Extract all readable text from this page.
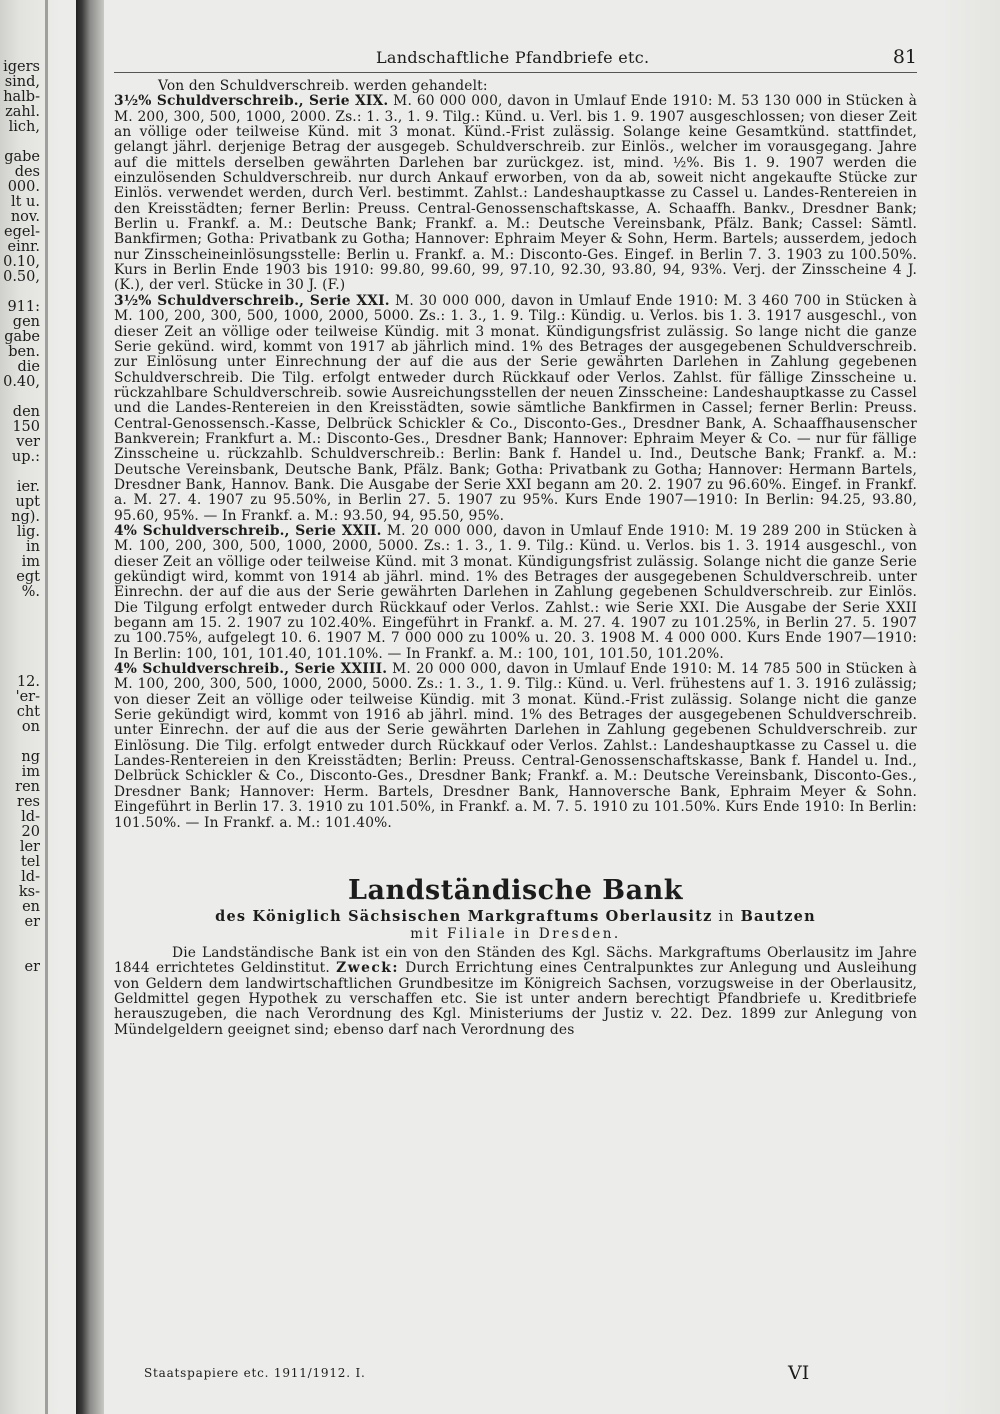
igers
sind,
halb-
zahl.
lich,

gabe
des
000.
lt u.
nov.
egel-
einr.
0.10,
0.50,

911:
gen
gabe
ben.
die
0.40,

den
150
ver
up.:

ier.
upt
ng).
lig.
in
im
egt
%.

12.
'er-
cht
on

ng
im
ren
res
ld-
20
ler
tel
ld-
ks-
en
er

er
Landschaftliche Pfandbriefe etc.	81

Von den Schuldverschreib. werden gehandelt:

3½% Schuldverschreib., Serie XIX. M. 60 000 000, davon in Umlauf Ende 1910: M. 53 130 000 in Stücken à M. 200, 300, 500, 1000, 2000. Zs.: 1. 3., 1. 9. Tilg.: Künd. u. Verl. bis 1. 9. 1907 ausgeschlossen; von dieser Zeit an völlige oder teilweise Künd. mit 3 monat. Künd.-Frist zulässig. Solange keine Gesamtkünd. stattfindet, gelangt jährl. derjenige Betrag der ausgegeb. Schuldverschreib. zur Einlös., welcher im vorausgegang. Jahre auf die mittels derselben gewährten Darlehen bar zurückgez. ist, mind. ½%. Bis 1. 9. 1907 werden die einzulösenden Schuldverschreib. nur durch Ankauf erworben, von da ab, soweit nicht angekaufte Stücke zur Einlös. verwendet werden, durch Verl. bestimmt. Zahlst.: Landeshauptkasse zu Cassel u. Landes-Rentereien in den Kreisstädten; ferner Berlin: Preuss. Central-Genossenschaftskasse, A. Schaaffh. Bankv., Dresdner Bank; Berlin u. Frankf. a. M.: Deutsche Bank; Frankf. a. M.: Deutsche Vereinsbank, Pfälz. Bank; Cassel: Sämtl. Bankfirmen; Gotha: Privatbank zu Gotha; Hannover: Ephraim Meyer & Sohn, Herm. Bartels; ausserdem, jedoch nur Zinsscheineinlösungsstelle: Berlin u. Frankf. a. M.: Disconto-Ges. Eingef. in Berlin 7. 3. 1903 zu 100.50%. Kurs in Berlin Ende 1903 bis 1910: 99.80, 99.60, 99, 97.10, 92.30, 93.80, 94, 93%. Verj. der Zinsscheine 4 J. (K.), der verl. Stücke in 30 J. (F.)

3½% Schuldverschreib., Serie XXI. M. 30 000 000, davon in Umlauf Ende 1910: M. 3 460 700 in Stücken à M. 100, 200, 300, 500, 1000, 2000, 5000. Zs.: 1. 3., 1. 9. Tilg.: Kündig. u. Verlos. bis 1. 3. 1917 ausgeschl., von dieser Zeit an völlige oder teilweise Kündig. mit 3 monat. Kündigungsfrist zulässig. So lange nicht die ganze Serie gekünd. wird, kommt von 1917 ab jährlich mind. 1% des Betrages der ausgegebenen Schuldverschreib. zur Einlösung unter Einrechnung der auf die aus der Serie gewährten Darlehen in Zahlung gegebenen Schuldverschreib. Die Tilg. erfolgt entweder durch Rückkauf oder Verlos. Zahlst. für fällige Zinsscheine u. rückzahlbare Schuldverschreib. sowie Ausreichungsstellen der neuen Zinsscheine: Landeshauptkasse zu Cassel und die Landes-Rentereien in den Kreisstädten, sowie sämtliche Bankfirmen in Cassel; ferner Berlin: Preuss. Central-Genossensch.-Kasse, Delbrück Schickler & Co., Disconto-Ges., Dresdner Bank, A. Schaaffhausenscher Bankverein; Frankfurt a. M.: Disconto-Ges., Dresdner Bank; Hannover: Ephraim Meyer & Co. — nur für fällige Zinsscheine u. rückzahlb. Schuldverschreib.: Berlin: Bank f. Handel u. Ind., Deutsche Bank; Frankf. a. M.: Deutsche Vereinsbank, Deutsche Bank, Pfälz. Bank; Gotha: Privatbank zu Gotha; Hannover: Hermann Bartels, Dresdner Bank, Hannov. Bank. Die Ausgabe der Serie XXI begann am 20. 2. 1907 zu 96.60%. Eingef. in Frankf. a. M. 27. 4. 1907 zu 95.50%, in Berlin 27. 5. 1907 zu 95%. Kurs Ende 1907—1910: In Berlin: 94.25, 93.80, 95.60, 95%. — In Frankf. a. M.: 93.50, 94, 95.50, 95%.

4% Schuldverschreib., Serie XXII. M. 20 000 000, davon in Umlauf Ende 1910: M. 19 289 200 in Stücken à M. 100, 200, 300, 500, 1000, 2000, 5000. Zs.: 1. 3., 1. 9. Tilg.: Künd. u. Verlos. bis 1. 3. 1914 ausgeschl., von dieser Zeit an völlige oder teilweise Künd. mit 3 monat. Kündigungsfrist zulässig. Solange nicht die ganze Serie gekündigt wird, kommt von 1914 ab jährl. mind. 1% des Betrages der ausgegebenen Schuldverschreib. unter Einrechn. der auf die aus der Serie gewährten Darlehen in Zahlung gegebenen Schuldverschreib. zur Einlös. Die Tilgung erfolgt entweder durch Rückkauf oder Verlos. Zahlst.: wie Serie XXI. Die Ausgabe der Serie XXII begann am 15. 2. 1907 zu 102.40%. Eingeführt in Frankf. a. M. 27. 4. 1907 zu 101.25%, in Berlin 27. 5. 1907 zu 100.75%, aufgelegt 10. 6. 1907 M. 7 000 000 zu 100% u. 20. 3. 1908 M. 4 000 000. Kurs Ende 1907—1910: In Berlin: 100, 101, 101.40, 101.10%. — In Frankf. a. M.: 100, 101, 101.50, 101.20%.

4% Schuldverschreib., Serie XXIII. M. 20 000 000, davon in Umlauf Ende 1910: M. 14 785 500 in Stücken à M. 100, 200, 300, 500, 1000, 2000, 5000. Zs.: 1. 3., 1. 9. Tilg.: Künd. u. Verl. frühestens auf 1. 3. 1916 zulässig; von dieser Zeit an völlige oder teilweise Kündig. mit 3 monat. Künd.-Frist zulässig. Solange nicht die ganze Serie gekündigt wird, kommt von 1916 ab jährl. mind. 1% des Betrages der ausgegebenen Schuldverschreib. unter Einrechn. der auf die aus der Serie gewährten Darlehen in Zahlung gegebenen Schuldverschreib. zur Einlösung. Die Tilg. erfolgt entweder durch Rückkauf oder Verlos. Zahlst.: Landeshauptkasse zu Cassel u. die Landes-Rentereien in den Kreisstädten; Berlin: Preuss. Central-Genossenschaftskasse, Bank f. Handel u. Ind., Delbrück Schickler & Co., Disconto-Ges., Dresdner Bank; Frankf. a. M.: Deutsche Vereinsbank, Disconto-Ges., Dresdner Bank; Hannover: Herm. Bartels, Dresdner Bank, Hannoversche Bank, Ephraim Meyer & Sohn. Eingeführt in Berlin 17. 3. 1910 zu 101.50%, in Frankf. a. M. 7. 5. 1910 zu 101.50%. Kurs Ende 1910: In Berlin: 101.50%. — In Frankf. a. M.: 101.40%.

Landständische Bank
des Königlich Sächsischen Markgraftums Oberlausitz in Bautzen
mit Filiale in Dresden.

Die Landständische Bank ist ein von den Ständen des Kgl. Sächs. Markgraftums Oberlausitz im Jahre 1844 errichtetes Geldinstitut. Zweck: Durch Errichtung eines Centralpunktes zur Anlegung und Ausleihung von Geldern dem landwirtschaftlichen Grundbesitze im Königreich Sachsen, vorzugsweise in der Oberlausitz, Geldmittel gegen Hypothek zu verschaffen etc. Sie ist unter andern berechtigt Pfandbriefe u. Kreditbriefe herauszugeben, die nach Verordnung des Kgl. Ministeriums der Justiz v. 22. Dez. 1899 zur Anlegung von Mündelgeldern geeignet sind; ebenso darf nach Verordnung des

Staatspapiere etc. 1911/1912. I.	VI
